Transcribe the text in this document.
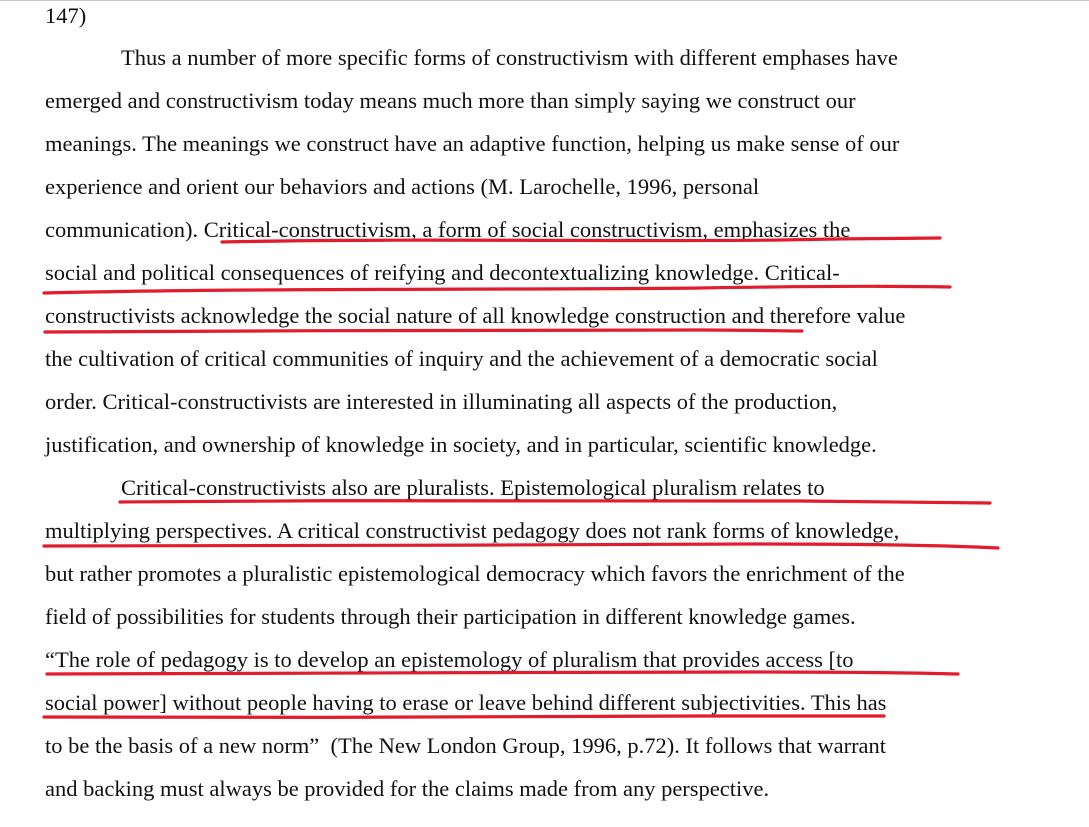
147)

Thus a number of more specific forms of constructivism with different emphases have

emerged and constructivism today means much more than simply saying we construct our

meanings. The meanings we construct have an adaptive function, helping us make sense of our

experience and orient our behaviors and actions (M. Larochelle, 1996, personal

communication). Critical-constructivism, a form of social constructivism, emphasizes the

social and political consequences of reifying and decontextualizing knowledge. Critical-

constructivists acknowledge the social nature of all knowledge construction and therefore value

the cultivation of critical communities of inquiry and the achievement of a democratic social

order. Critical-constructivists are interested in illuminating all aspects of the production,

justification, and ownership of knowledge in society, and in particular, scientific knowledge.

Critical-constructivists also are pluralists. Epistemological pluralism relates to

multiplying perspectives. A critical constructivist pedagogy does not rank forms of knowledge,

but rather promotes a pluralistic epistemological democracy which favors the enrichment of the

field of possibilities for students through their participation in different knowledge games.

“The role of pedagogy is to develop an epistemology of pluralism that provides access [to

social power] without people having to erase or leave behind different subjectivities. This has

to be the basis of a new norm”  (The New London Group, 1996, p.72). It follows that warrant

and backing must always be provided for the claims made from any perspective.
